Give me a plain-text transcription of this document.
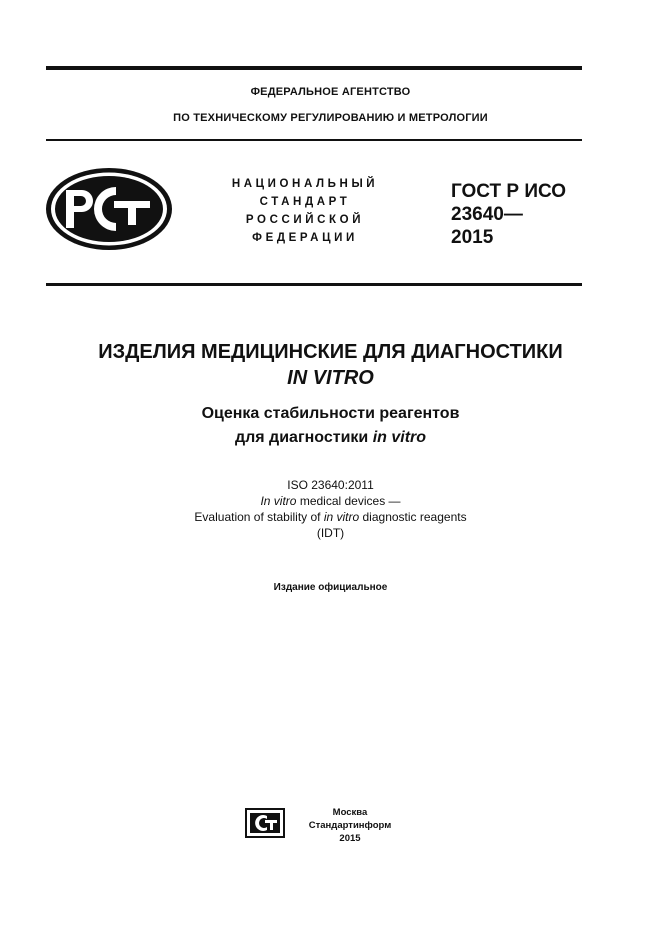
ФЕДЕРАЛЬНОЕ АГЕНТСТВО
ПО ТЕХНИЧЕСКОМУ РЕГУЛИРОВАНИЮ И МЕТРОЛОГИИ
НАЦИОНАЛЬНЫЙ
СТАНДАРТ
РОССИЙСКОЙ
ФЕДЕРАЦИИ
ГОСТ Р ИСО
23640—
2015
ИЗДЕЛИЯ МЕДИЦИНСКИЕ ДЛЯ ДИАГНОСТИКИ
IN VITRO
Оценка стабильности реагентов
для диагностики in vitro
ISO 23640:2011
In vitro medical devices —
Evaluation of stability of in vitro diagnostic reagents
(IDT)
Издание официальное
Москва
Стандартинформ
2015
